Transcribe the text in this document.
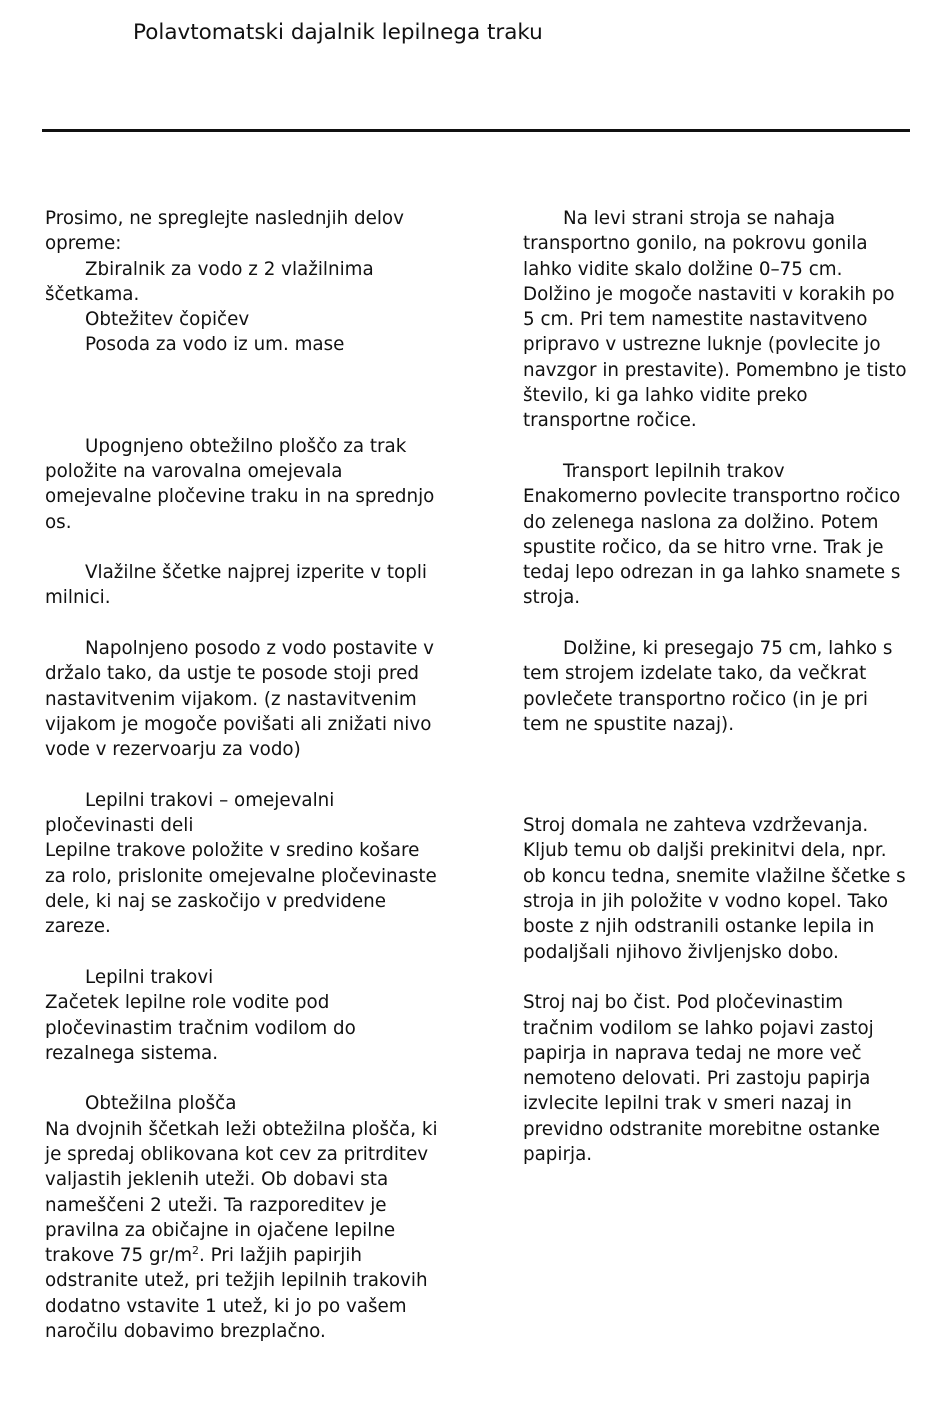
Polavtomatski dajalnik lepilnega traku

Prosimo, ne spreglejte naslednjih delov opreme:

Zbiralnik za vodo z 2 vlažilnima ščetkama.

Obtežitev čopičev

Posoda za vodo iz um. mase

Upognjeno obtežilno ploščo za trak položite na varovalna omejevala omejevalne pločevine traku in na sprednjo os.

Vlažilne ščetke najprej izperite v topli milnici.

Napolnjeno posodo z vodo postavite v držalo tako, da ustje te posode stoji pred nastavitvenim vijakom. (z nastavitvenim vijakom je mogoče povišati ali znižati nivo vode v rezervoarju za vodo)

Lepilni trakovi – omejevalni pločevinasti deli

Lepilne trakove položite v sredino košare za rolo, prislonite omejevalne pločevinaste dele, ki naj se zaskočijo v predvidene zareze.

Lepilni trakovi

Začetek lepilne role vodite pod pločevinastim tračnim vodilom do rezalnega sistema.

Obtežilna plošča

Na dvojnih ščetkah leži obtežilna plošča, ki je spredaj oblikovana kot cev za pritrditev valjastih jeklenih uteži. Ob dobavi sta nameščeni 2 uteži. Ta razporeditev je pravilna za običajne in ojačene lepilne trakove 75 $gr/m^2$. Pri lažjih papirjih odstranite utež, pri težjih lepilnih trakovih dodatno vstavite 1 utež, ki jo po vašem naročilu dobavimo brezplačno.

Na levi strani stroja se nahaja transportno gonilo, na pokrovu gonila lahko vidite skalo dolžine 0–75 cm. Dolžino je mogoče nastaviti v korakih po 5 cm. Pri tem namestite nastavitveno pripravo v ustrezne luknje (povlecite jo navzgor in prestavite). Pomembno je tisto število, ki ga lahko vidite preko transportne ročice.

Transport lepilnih trakov

Enakomerno povlecite transportno ročico do zelenega naslona za dolžino. Potem spustite ročico, da se hitro vrne. Trak je tedaj lepo odrezan in ga lahko snamete s stroja.

Dolžine, ki presegajo 75 cm, lahko s tem strojem izdelate tako, da večkrat povlečete transportno ročico (in je pri tem ne spustite nazaj).

Stroj domala ne zahteva vzdrževanja. Kljub temu ob daljši prekinitvi dela, npr. ob koncu tedna, snemite vlažilne ščetke s stroja in jih položite v vodno kopel. Tako boste z njih odstranili ostanke lepila in podaljšali njihovo življenjsko dobo.

Stroj naj bo čist. Pod pločevinastim tračnim vodilom se lahko pojavi zastoj papirja in naprava tedaj ne more več nemoteno delovati. Pri zastoju papirja izvlecite lepilni trak v smeri nazaj in previdno odstranite morebitne ostanke papirja.
